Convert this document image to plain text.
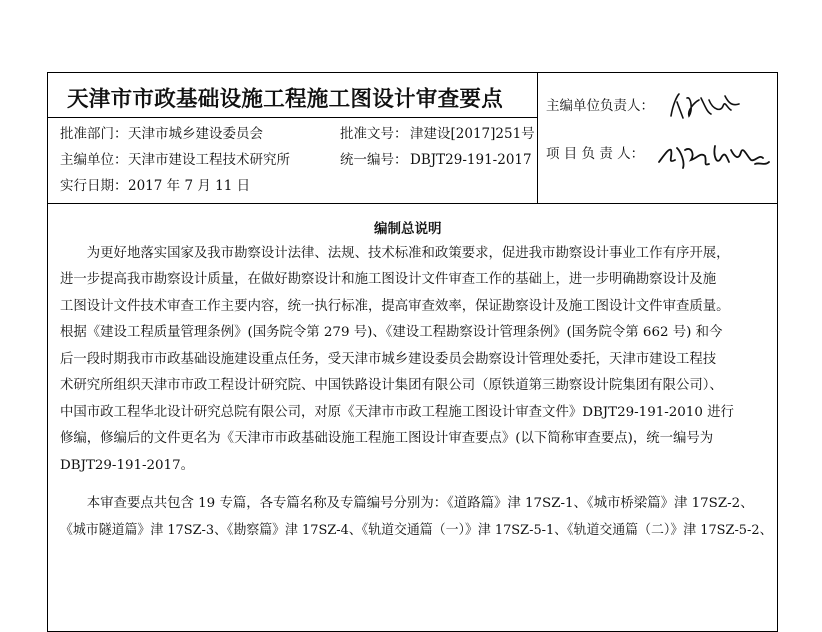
天津市市政基础设施工程施工图设计审查要点
批准部门： 天津市城乡建设委员会	批准文号： 津建设[2017]251号
主编单位： 天津市建设工程技术研究所	统一编号： DBJT29-191-2017
实行日期： 2017 年 7 月 11 日
主编单位负责人：
项 目 负 责 人：
编制总说明
　　为更好地落实国家及我市勘察设计法律、法规、技术标准和政策要求，促进我市勘察设计事业工作有序开展，
进一步提高我市勘察设计质量，在做好勘察设计和施工图设计文件审查工作的基础上，进一步明确勘察设计及施
工图设计文件技术审查工作主要内容，统一执行标准，提高审查效率，保证勘察设计及施工图设计文件审查质量。
根据《建设工程质量管理条例》(国务院令第 279 号)、《建设工程勘察设计管理条例》(国务院令第 662 号) 和今
后一段时期我市市政基础设施建设重点任务，受天津市城乡建设委员会勘察设计管理处委托，天津市建设工程技
术研究所组织天津市市政工程设计研究院、中国铁路设计集团有限公司（原铁道第三勘察设计院集团有限公司）、
中国市政工程华北设计研究总院有限公司，对原《天津市市政工程施工图设计审查文件》DBJT29-191-2010 进行
修编，修编后的文件更名为《天津市市政基础设施工程施工图设计审查要点》(以下简称审查要点)，统一编号为
DBJT29-191-2017。
　　本审查要点共包含 19 专篇，各专篇名称及专篇编号分别为：《道路篇》津 17SZ-1、《城市桥梁篇》津 17SZ-2、
《城市隧道篇》津 17SZ-3、《勘察篇》津 17SZ-4、《轨道交通篇（一）》津 17SZ-5-1、《轨道交通篇（二）》津 17SZ-5-2、
